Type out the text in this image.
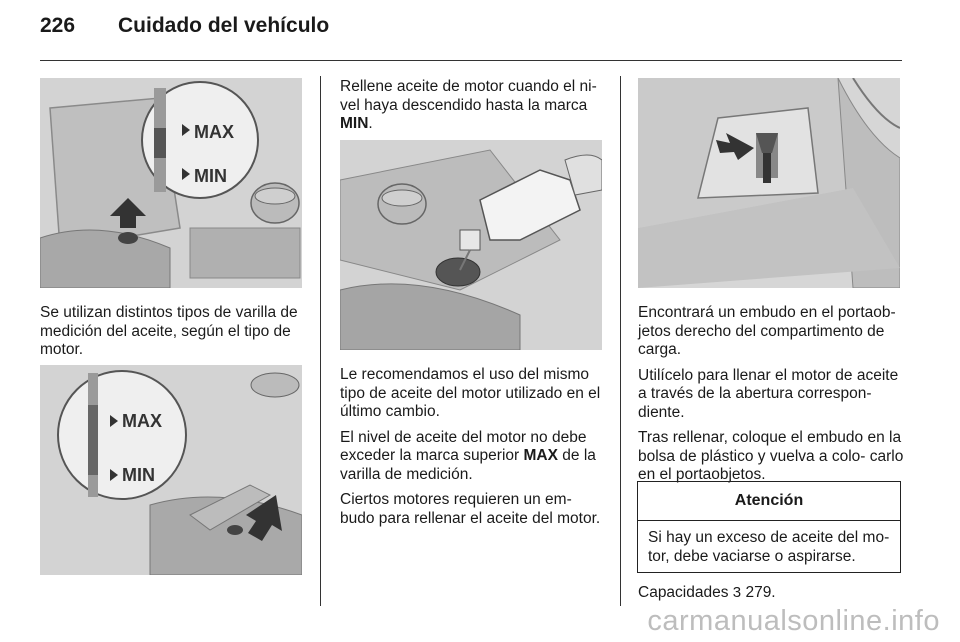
226 Cuidado del vehículo
MAX
MIN

Se utilizan distintos tipos de varilla de medición del aceite, según el tipo de motor.

MAX
MIN

Rellene aceite de motor cuando el ni- vel haya descendido hasta la marca MIN.

Le recomendamos el uso del mismo tipo de aceite del motor utilizado en el último cambio.

El nivel de aceite del motor no debe exceder la marca superior MAX de la varilla de medición.

Ciertos motores requieren un em- budo para rellenar el aceite del motor.

Encontrará un embudo en el portaob- jetos derecho del compartimento de carga.

Utilícelo para llenar el motor de aceite a través de la abertura correspon- diente.

Tras rellenar, coloque el embudo en la bolsa de plástico y vuelva a colo- carlo en el portaobjetos.

Atención
Si hay un exceso de aceite del mo- tor, debe vaciarse o aspirarse.
Capacidades 3 279.
carmanualsonline.info
